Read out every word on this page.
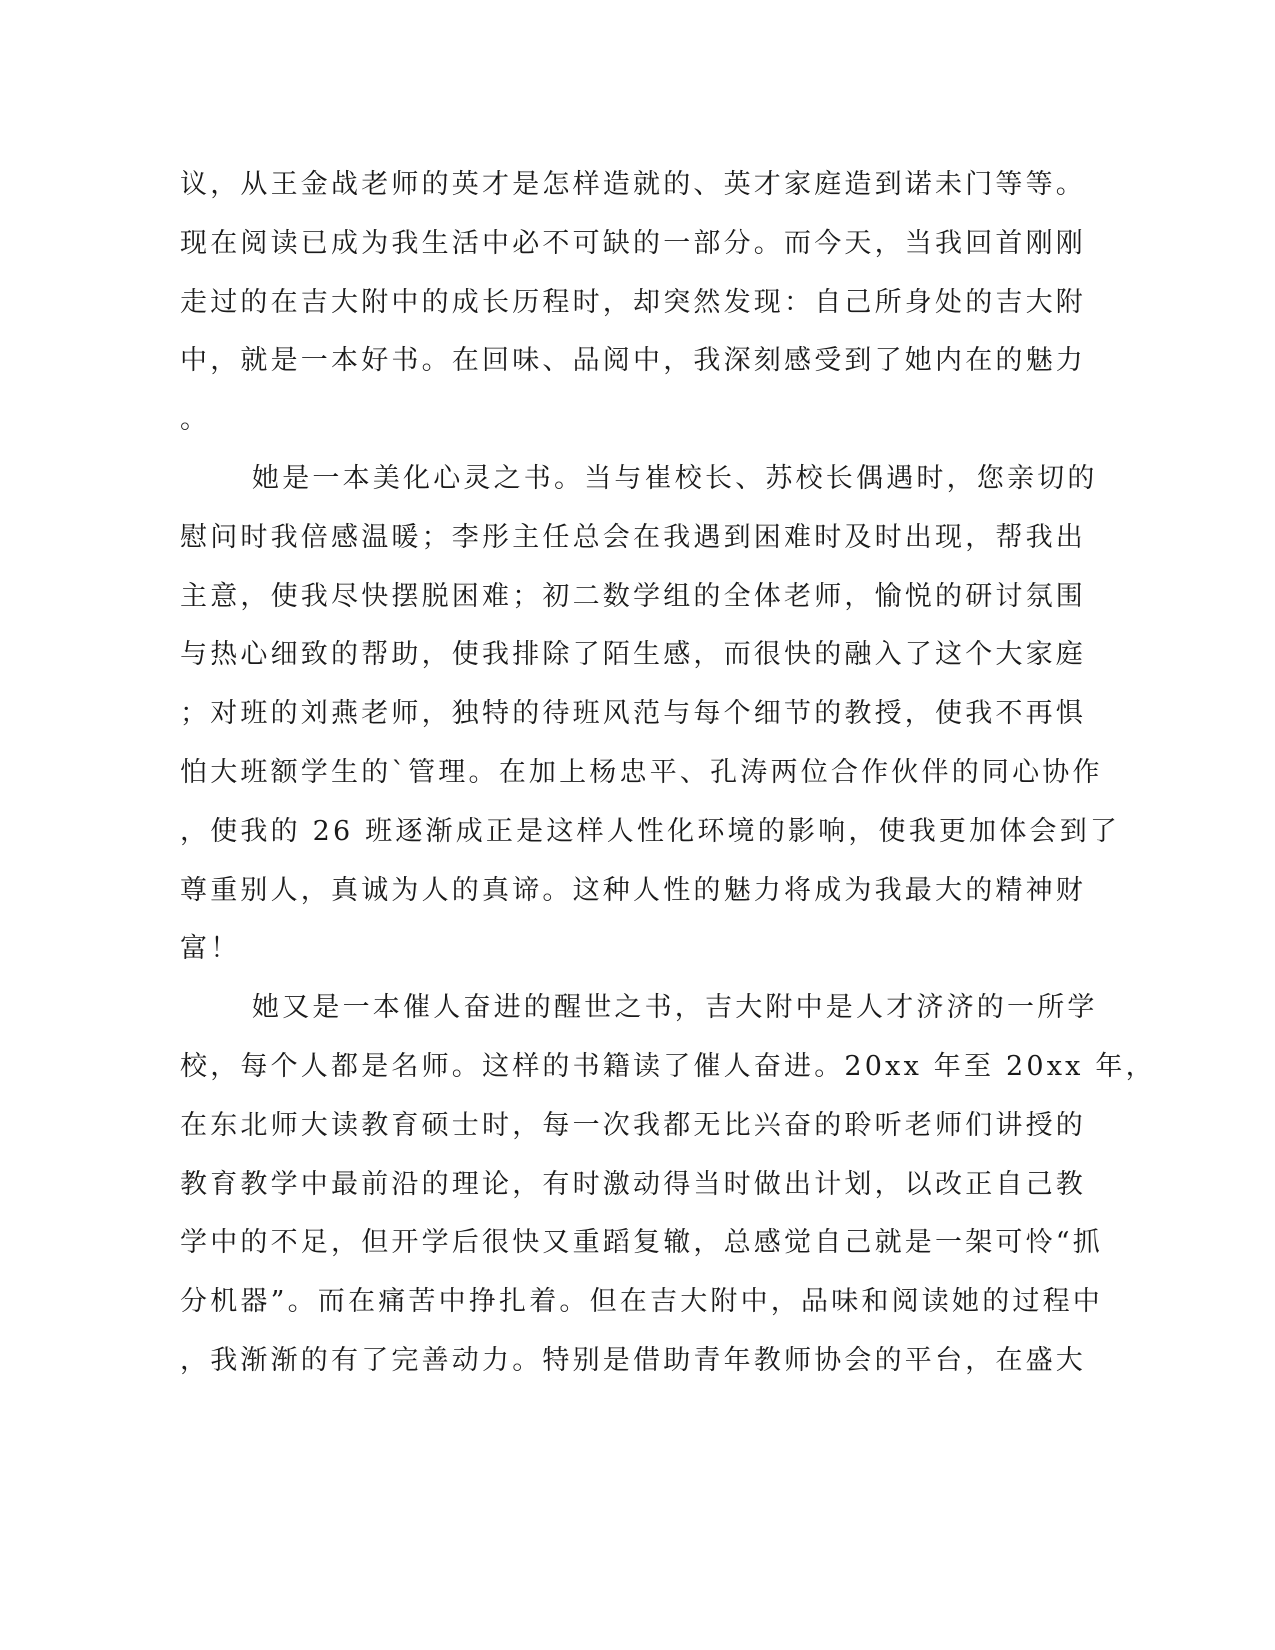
议，从王金战老师的英才是怎样造就的、英才家庭造到诺未门等等。
现在阅读已成为我生活中必不可缺的一部分。而今天，当我回首刚刚
走过的在吉大附中的成长历程时，却突然发现：自己所身处的吉大附
中，就是一本好书。在回味、品阅中，我深刻感受到了她内在的魅力
。
她是一本美化心灵之书。当与崔校长、苏校长偶遇时，您亲切的
慰问时我倍感温暖；李彤主任总会在我遇到困难时及时出现，帮我出
主意，使我尽快摆脱困难；初二数学组的全体老师，愉悦的研讨氛围
与热心细致的帮助，使我排除了陌生感，而很快的融入了这个大家庭
；对班的刘燕老师，独特的待班风范与每个细节的教授，使我不再惧
怕大班额学生的`管理。在加上杨忠平、孔涛两位合作伙伴的同心协作
，使我的 26 班逐渐成正是这样人性化环境的影响，使我更加体会到了
尊重别人，真诚为人的真谛。这种人性的魅力将成为我最大的精神财
富！
她又是一本催人奋进的醒世之书，吉大附中是人才济济的一所学
校，每个人都是名师。这样的书籍读了催人奋进。20xx 年至 20xx 年，
在东北师大读教育硕士时，每一次我都无比兴奋的聆听老师们讲授的
教育教学中最前沿的理论，有时激动得当时做出计划，以改正自己教
学中的不足，但开学后很快又重蹈复辙，总感觉自己就是一架可怜“抓
分机器”。而在痛苦中挣扎着。但在吉大附中，品味和阅读她的过程中
，我渐渐的有了完善动力。特别是借助青年教师协会的平台，在盛大
